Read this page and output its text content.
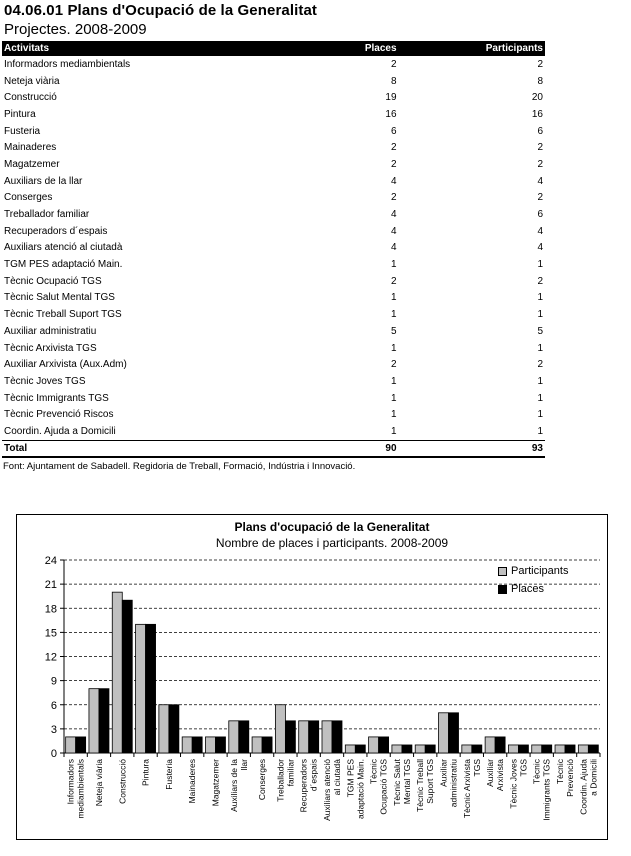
04.06.01 Plans d'Ocupació de la Generalitat
Projectes. 2008-2009
Activitats	Places	Participants
Informadors mediambientals	2	2
Neteja viària	8	8
Construcció	19	20
Pintura	16	16
Fusteria	6	6
Mainaderes	2	2
Magatzemer	2	2
Auxiliars de la llar	4	4
Conserges	2	2
Treballador familiar	4	6
Recuperadors d´espais	4	4
Auxiliars atenció al ciutadà	4	4
TGM PES adaptació Main.	1	1
Tècnic Ocupació TGS	2	2
Tècnic Salut Mental TGS	1	1
Tècnic Treball Suport TGS	1	1
Auxiliar administratiu	5	5
Tècnic Arxivista TGS	1	1
Auxiliar Arxivista (Aux.Adm)	2	2
Tècnic Joves TGS	1	1
Tècnic Immigrants TGS	1	1
Tècnic Prevenció Riscos	1	1
Coordin. Ajuda a Domicili	1	1
Total	90	93
Font: Ajuntament de Sabadell. Regidoria de Treball, Formació, Indústria i Innovació.
Plans d'ocupació de la Generalitat
Nombre de places i participants. 2008-2009
0
3
6
9
12
15
18
21
24
Informadorsmediambientals Neteja viària Construcció Pintura Fusteria Mainaderes Magatzemer Auxiliars de lallar Conserges Treballadorfamiliar Recuperadorsd´espais Auxiliars atencióal ciutadà TGM PESadaptació Main. TècnicOcupació TGS Tècnic SalutMental TGS Tècnic TreballSuport TGS Auxiliaradministratiu Tècnic ArxivistaTGS AuxiliarArxivista Tècnic JovesTGS TècnicImmigrants TGS TècnicPrevenció Coordin. Ajudaa Domicili
Participants
Places
